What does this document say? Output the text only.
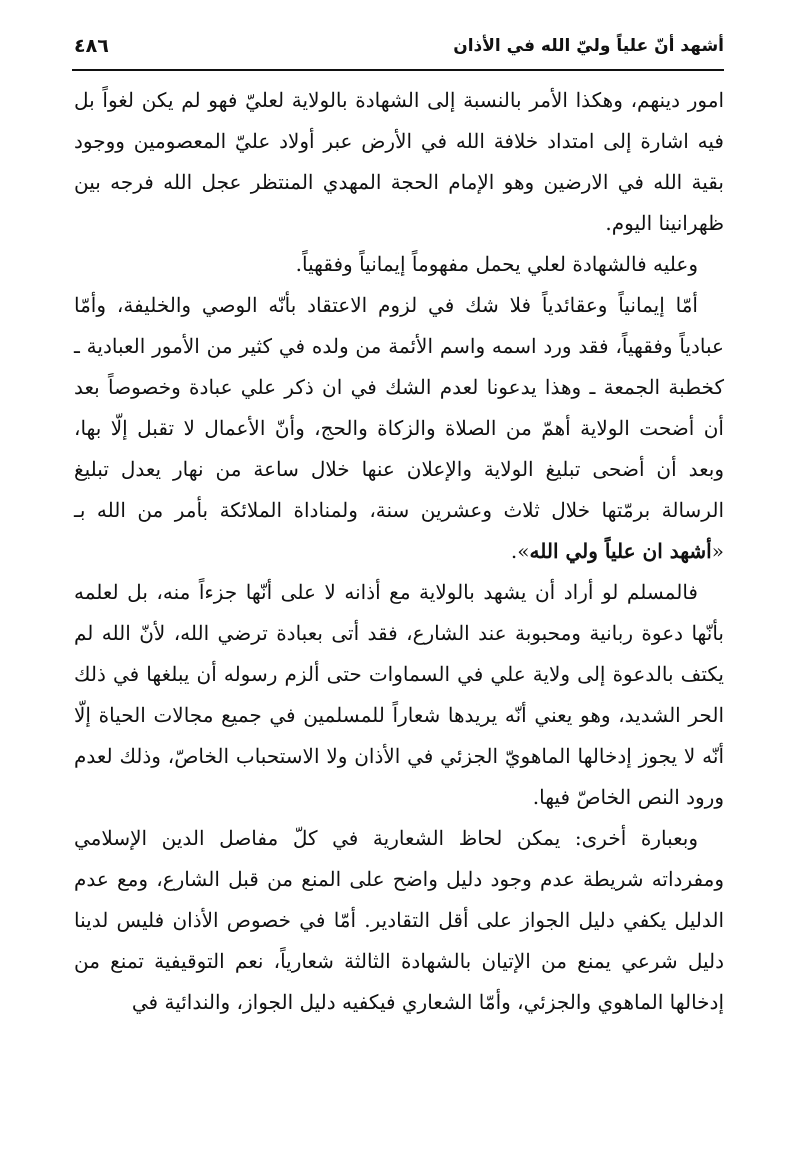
أشهد أنّ علياً وليّ الله في الأذان
٤٨٦

امور دينهم، وهكذا الأمر بالنسبة إلى الشهادة بالولاية لعليّ فهو لم يكن لغواً بل فيه اشارة إلى امتداد خلافة الله في الأرض عبر أولاد عليّ المعصومين ووجود بقية الله في الارضين وهو الإمام الحجة المهدي المنتظر عجل الله فرجه بين ظهرانينا اليوم.

وعليه فالشهادة لعلي يحمل مفهوماً إيمانياً وفقهياً.

أمّا إيمانياً وعقائدياً فلا شك في لزوم الاعتقاد بأنّه الوصي والخليفة، وأمّا عبادياً وفقهياً، فقد ورد اسمه واسم الأئمة من ولده في كثير من الأمور العبادية ـ كخطبة الجمعة ـ وهذا يدعونا لعدم الشك في ان ذكر علي عبادة وخصوصاً بعد أن أضحت الولاية أهمّ من الصلاة والزكاة والحج، وأنّ الأعمال لا تقبل إلّا بها، وبعد أن أضحى تبليغ الولاية والإعلان عنها خلال ساعة من نهار يعدل تبليغ الرسالة برمّتها خلال ثلاث وعشرين سنة، ولمناداة الملائكة بأمر من الله بـ «أشهد ان علياً ولي الله».

فالمسلم لو أراد أن يشهد بالولاية مع أذانه لا على أنّها جزءاً منه، بل لعلمه بأنّها دعوة ربانية ومحبوبة عند الشارع، فقد أتى بعبادة ترضي الله، لأنّ الله لم يكتف بالدعوة إلى ولاية علي في السماوات حتى ألزم رسوله أن يبلغها في ذلك الحر الشديد، وهو يعني أنّه يريدها شعاراً للمسلمين في جميع مجالات الحياة إلّا أنّه لا يجوز إدخالها الماهويّ الجزئي في الأذان ولا الاستحباب الخاصّ، وذلك لعدم ورود النص الخاصّ فيها.

وبعبارة أخرى: يمكن لحاظ الشعارية في كلّ مفاصل الدين الإسلامي ومفرداته شريطة عدم وجود دليل واضح على المنع من قبل الشارع، ومع عدم الدليل يكفي دليل الجواز على أقل التقادير. أمّا في خصوص الأذان فليس لدينا دليل شرعي يمنع من الإتيان بالشهادة الثالثة شعارياً، نعم التوقيفية تمنع من إدخالها الماهوي والجزئي، وأمّا الشعاري فيكفيه دليل الجواز، والندائية في
